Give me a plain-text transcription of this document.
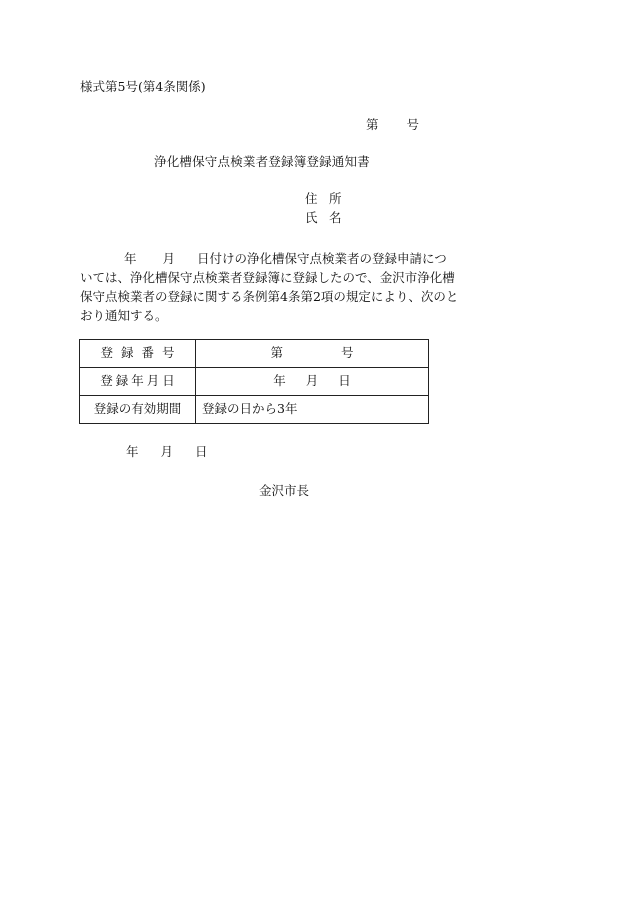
様式第5号(第4条関係)
第 号
浄化槽保守点検業者登録簿登録通知書
住 所
氏 名
年 月 日付けの浄化槽保守点検業者の登録申請につ
いては、浄化槽保守点検業者登録簿に登録したので、金沢市浄化槽
保守点検業者の登録に関する条例第4条第2項の規定により、次のと
おり通知する。
登録番号	第 号
登録年月日	年 月 日
登録の有効期間	登録の日から3年
年 月 日
金沢市長
